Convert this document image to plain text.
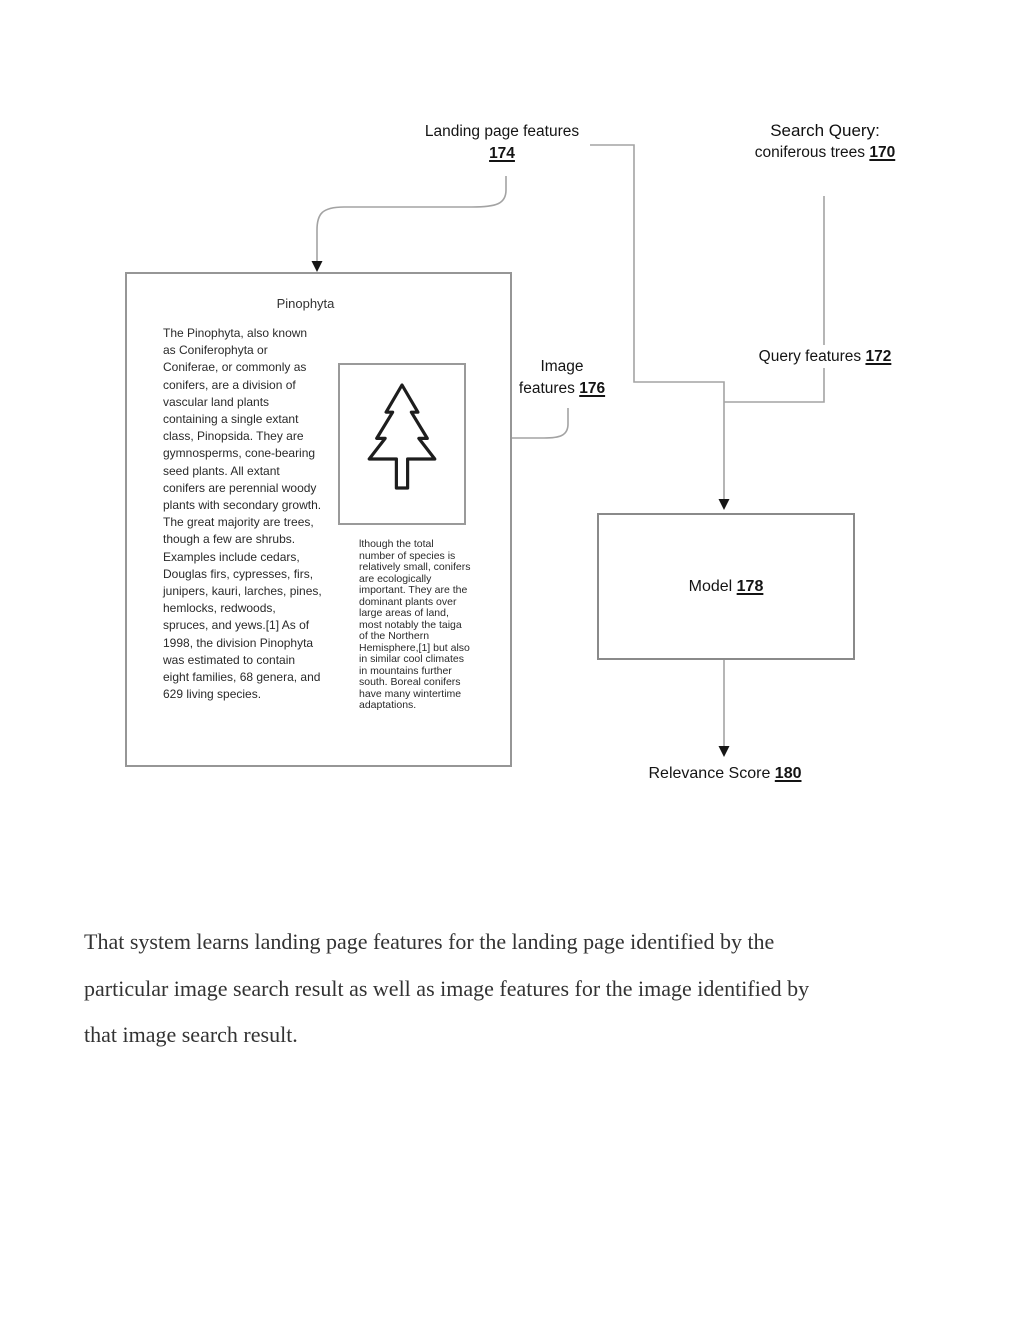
Landing page features
174
Search Query:
coniferous trees 170
Pinophyta
The Pinophyta, also known as Coniferophyta or Coniferae, or commonly as conifers, are a division of vascular land plants containing a single extant class, Pinopsida. They are gymnosperms, cone-bearing seed plants. All extant conifers are perennial woody plants with secondary growth. The great majority are trees, though a few are shrubs. Examples include cedars, Douglas firs, cypresses, firs, junipers, kauri, larches, pines, hemlocks, redwoods, spruces, and yews.[1] As of 1998, the division Pinophyta was estimated to contain eight families, 68 genera, and 629 living species.
lthough the total number of species is relatively small, conifers are ecologically important. They are the dominant plants over large areas of land, most notably the taiga of the Northern Hemisphere,[1] but also in similar cool climates in mountains further south. Boreal conifers have many wintertime adaptations.
Image
features 176
Query features 172
Model 178
Relevance Score 180
That system learns landing page features for the landing page identified by the
particular image search result as well as image features for the image identified by
that image search result.
